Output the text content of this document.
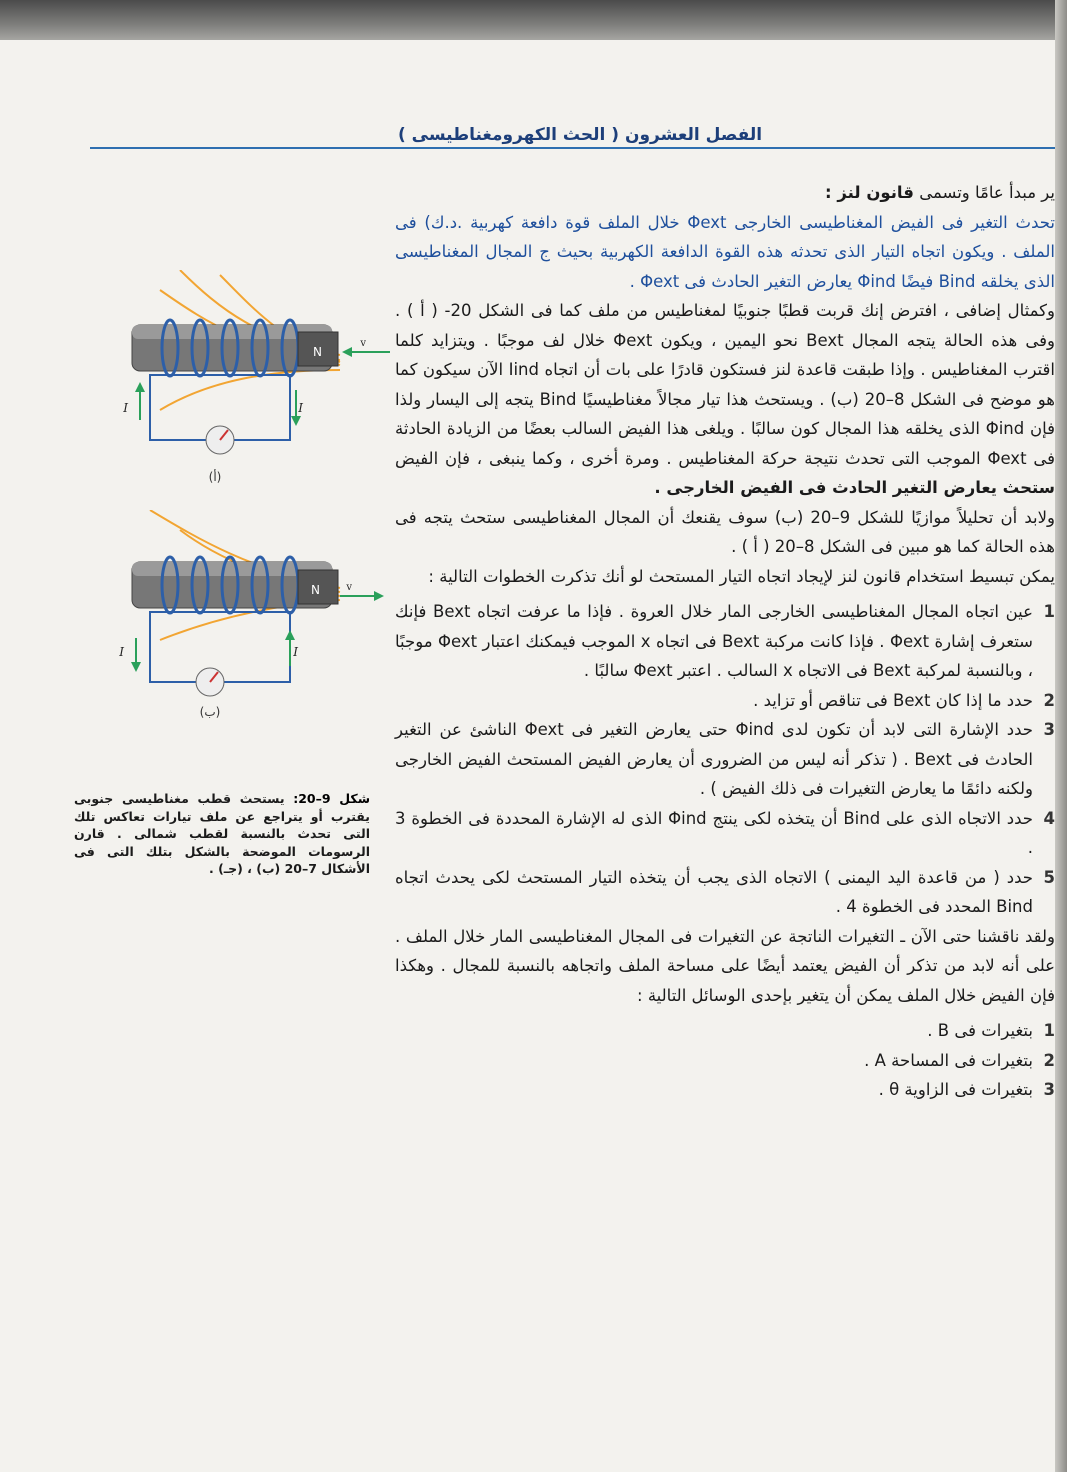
الفصل العشرون ( الحث الكهرومغناطيسى )
N
I	I
v
(أ)
N
I	I
v
(ب)
شكل 9–20: يستحث قطب مغناطيسى جنوبى يقترب أو يتراجع عن ملف تيارات تعاكس تلك التى تحدث بالنسبة لقطب شمالى . قارن الرسومات الموضحة بالشكل بتلك التى فى الأشكال 7–20 (ب) ، (جـ) .

ير مبدأ عامًا وتسمى قانون لنز :

تحدث التغير فى الفيض المغناطيسى الخارجى Φext خلال الملف قوة دافعة كهربية .د.ك) فى الملف . ويكون اتجاه التيار الذى تحدثه هذه القوة الدافعة الكهربية بحيث ج المجال المغناطيسى الذى يخلقه Bind فيضًا Φind يعارض التغير الحادث فى Φext .

وكمثال إضافى ، افترض إنك قربت قطبًا جنوبيًا لمغناطيس من ملف كما فى الشكل 20- ( أ ) . وفى هذه الحالة يتجه المجال Bext نحو اليمين ، ويكون Φext خلال لف موجبًا . ويتزايد كلما اقترب المغناطيس . وإذا طبقت قاعدة لنز فستكون قادرًا على بات أن اتجاه Iind الآن سيكون كما هو موضح فى الشكل 8–20 (ب) . ويستحث هذا تيار مجالاً مغناطيسيًا Bind يتجه إلى اليسار ولذا فإن Φind الذى يخلقه هذا المجال كون سالبًا . ويلغى هذا الفيض السالب بعضًا من الزيادة الحادثة فى Φext الموجب التى تحدث نتيجة حركة المغناطيس . ومرة أخرى ، وكما ينبغى ، فإن الفيض ستحث يعارض التغير الحادث فى الفيض الخارجى .

ولابد أن تحليلاً موازيًا للشكل 9–20 (ب) سوف يقنعك أن المجال المغناطيسى ستحث يتجه فى هذه الحالة كما هو مبين فى الشكل 8–20 ( أ ) .

يمكن تبسيط استخدام قانون لنز لإيجاد اتجاه التيار المستحث لو أنك تذكرت الخطوات التالية :

1
عين اتجاه المجال المغناطيسى الخارجى المار خلال العروة . فإذا ما عرفت اتجاه Bext فإنك ستعرف إشارة Φext . فإذا كانت مركبة Bext فى اتجاه x الموجب فيمكنك اعتبار Φext موجبًا ، وبالنسبة لمركبة Bext فى الاتجاه x السالب . اعتبر Φext سالبًا .
2
حدد ما إذا كان Bext فى تناقص أو تزايد .
3
حدد الإشارة التى لابد أن تكون لدى Φind حتى يعارض التغير فى Φext الناشئ عن التغير الحادث فى Bext . ( تذكر أنه ليس من الضرورى أن يعارض الفيض المستحث الفيض الخارجى ولكنه دائمًا ما يعارض التغيرات فى ذلك الفيض ) .
4
حدد الاتجاه الذى على Bind أن يتخذه لكى ينتج Φind الذى له الإشارة المحددة فى الخطوة 3 .
5
حدد ( من قاعدة اليد اليمنى ) الاتجاه الذى يجب أن يتخذه التيار المستحث لكى يحدث اتجاه Bind المحدد فى الخطوة 4 .

ولقد ناقشنا حتى الآن ـ التغيرات الناتجة عن التغيرات فى المجال المغناطيسى المار خلال الملف . على أنه لابد من تذكر أن الفيض يعتمد أيضًا على مساحة الملف واتجاهه بالنسبة للمجال . وهكذا فإن الفيض خلال الملف يمكن أن يتغير بإحدى الوسائل التالية :

1
بتغيرات فى B .
2
بتغيرات فى المساحة A .
3
بتغيرات فى الزاوية θ .
